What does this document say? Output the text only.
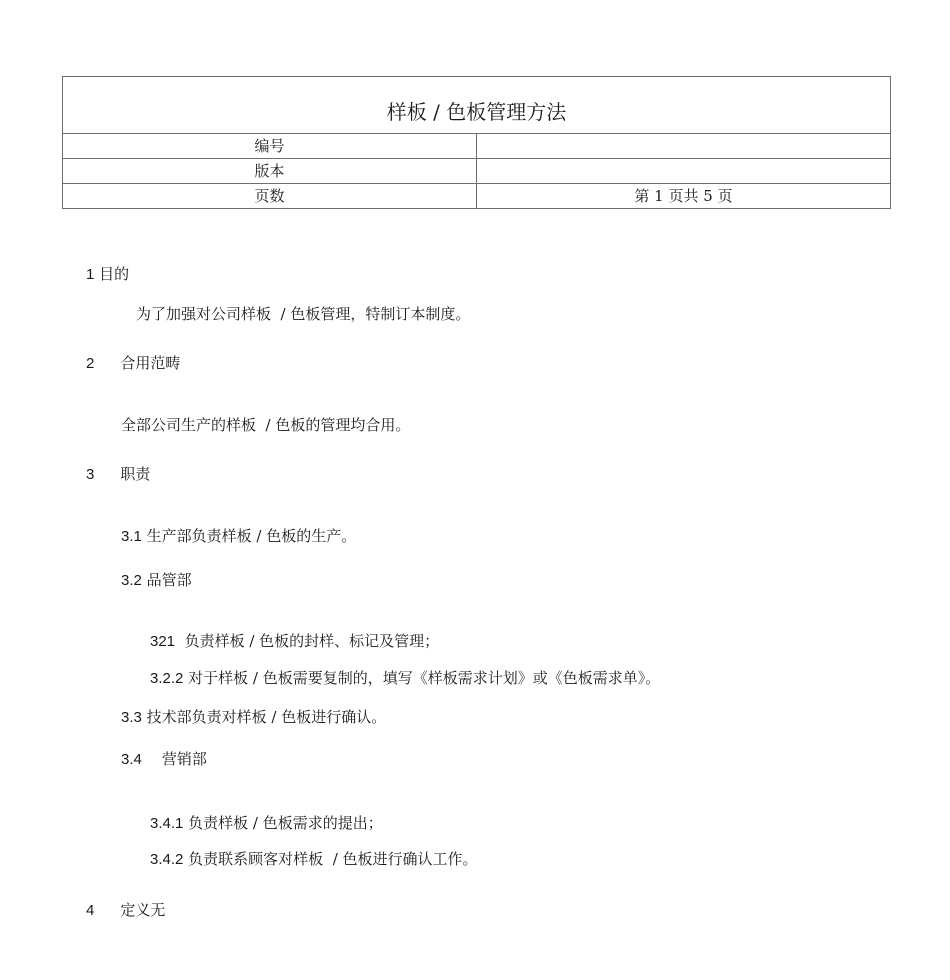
样板 / 色板管理方法	
编号	
版本	
页数	第 1 页共 5 页
1 目的
为了加强对公司样板  / 色板管理，特制订本制度。
2 合用范畴
全部公司生产的样板  / 色板的管理均合用。
3 职责
3.1 生产部负责样板 / 色板的生产。
3.2 品管部
321 负责样板 / 色板的封样、标记及管理；
3.2.2 对于样板 / 色板需要复制的，填写《样板需求计划》或《色板需求单》。
3.3 技术部负责对样板 / 色板进行确认。
3.4 营销部
3.4.1 负责样板 / 色板需求的提出；
3.4.2 负责联系顾客对样板  / 色板进行确认工作。
4 定义无
